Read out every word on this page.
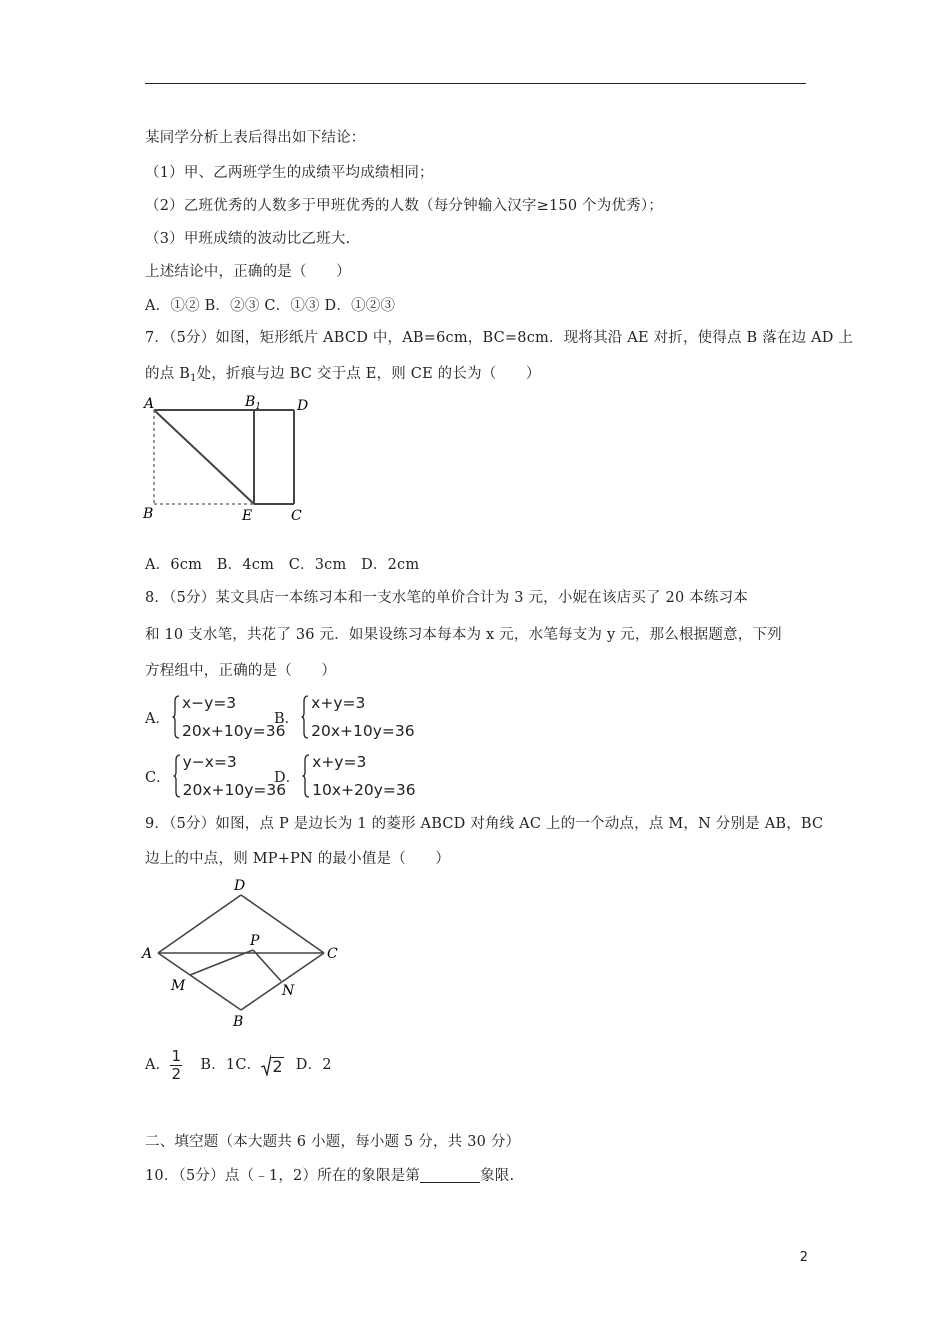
某同学分析上表后得出如下结论：
（1）甲、乙两班学生的成绩平均成绩相同；
（2）乙班优秀的人数多于甲班优秀的人数（每分钟输入汉字≥150 个为优秀）；
（3）甲班成绩的波动比乙班大.
上述结论中，正确的是（　　）
A．①② B．②③ C．①③ D．①②③
7．（5分）如图，矩形纸片 ABCD 中，AB=6cm，BC=8cm．现将其沿 AE 对折，使得点 B 落在边 AD 上
的点 $B_1$处，折痕与边 BC 交于点 E，则 CE 的长为（　　）
A	$B_1$	D
B	E	C
A．6cm　B．4cm　C．3cm　D．2cm
8．（5分）某文具店一本练习本和一支水笔的单价合计为 3 元，小妮在该店买了 20 本练习本
和 10 支水笔，共花了 36 元．如果设练习本每本为 x 元，水笔每支为 y 元，那么根据题意，下列
方程组中，正确的是（　　）
A．
x−y=3
20x+10y=36
B．
x+y=3
20x+10y=36
C．
y−x=3
20x+10y=36
D．
x+y=3
10x+20y=36
9．（5分）如图，点 P 是边长为 1 的菱形 ABCD 对角线 AC 上的一个动点，点 M，N 分别是 AB，BC
边上的中点，则 MP+PN 的最小值是（　　）
D
A
P
C
M	N
B
A． $\frac{1}{2}$ B．1 C． 2 D．2
二、填空题（本大题共 6 小题，每小题 5 分，共 30 分）
10．（5分）点（﹣1，2）所在的象限是第	象限.
2
